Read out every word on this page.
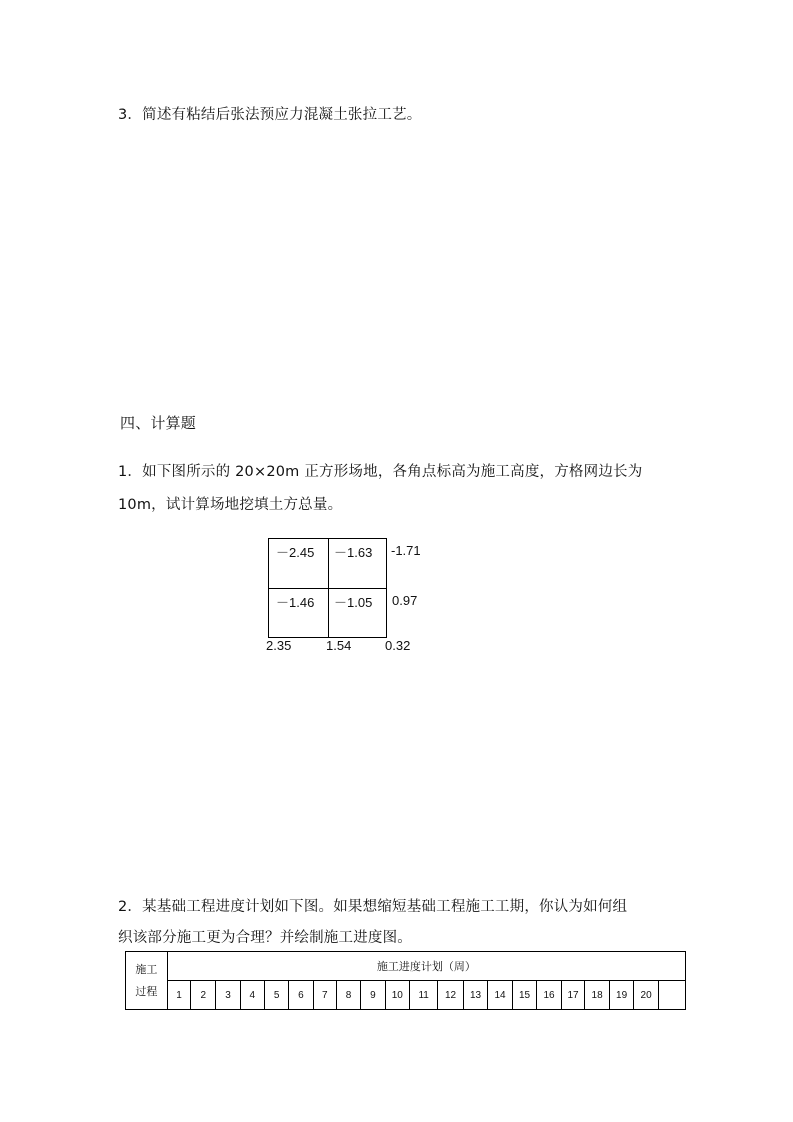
3．简述有粘结后张法预应力混凝土张拉工艺。
四、计算题
1．如下图所示的 20×20m 正方形场地，各角点标高为施工高度，方格网边长为
10m，试计算场地挖填土方总量。
－2.45 －1.63 -1.71
－1.46 －1.05 0.97
2.35	1.54	0.32
2．某基础工程进度计划如下图。如果想缩短基础工程施工工期，你认为如何组
织该部分施工更为合理？并绘制施工进度图。
施工
过程	施工进度计划（周）																				
	1	2	3	4	5	6	7	8	9	10	11	12	13	14	15	16	17	18	19	20	
